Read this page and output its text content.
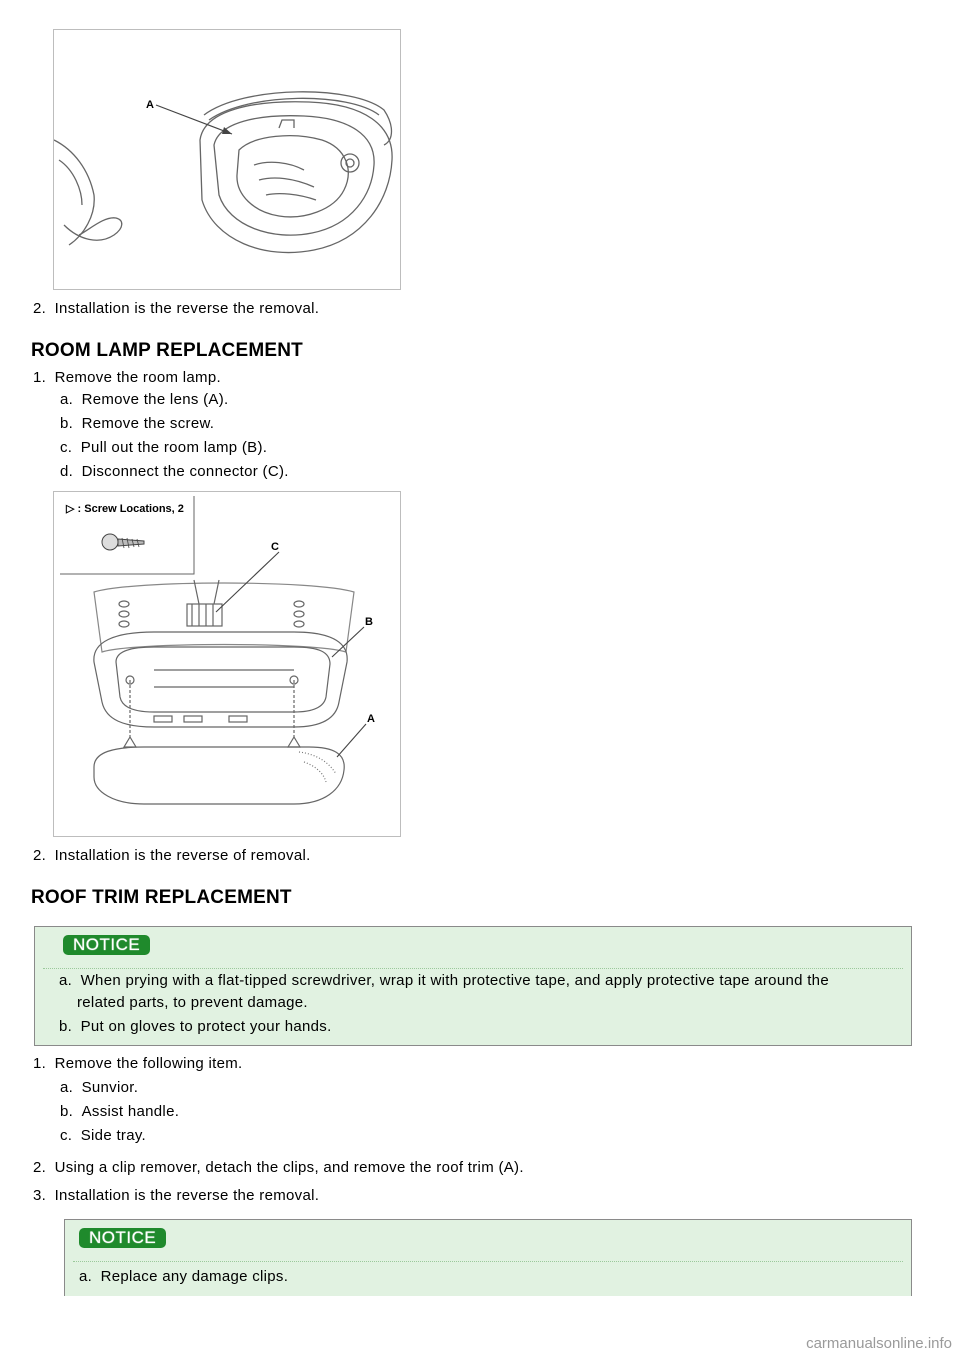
A
2. Installation is the reverse the removal.
ROOM LAMP REPLACEMENT
1. Remove the room lamp.
a. Remove the lens (A).
b. Remove the screw.
c. Pull out the room lamp (B).
d. Disconnect the connector (C).
▷ : Screw Locations, 2
C
B
A
2. Installation is the reverse of removal.
ROOF TRIM REPLACEMENT
NOTICE
a. When prying with a flat-tipped screwdriver, wrap it with protective tape, and apply protective tape around the
related parts, to prevent damage.
b. Put on gloves to protect your hands.
1. Remove the following item.
a. Sunvior.
b. Assist handle.
c. Side tray.
2. Using a clip remover, detach the clips, and remove the roof trim (A).
3. Installation is the reverse the removal.
NOTICE
a. Replace any damage clips.
carmanualsonline.info
